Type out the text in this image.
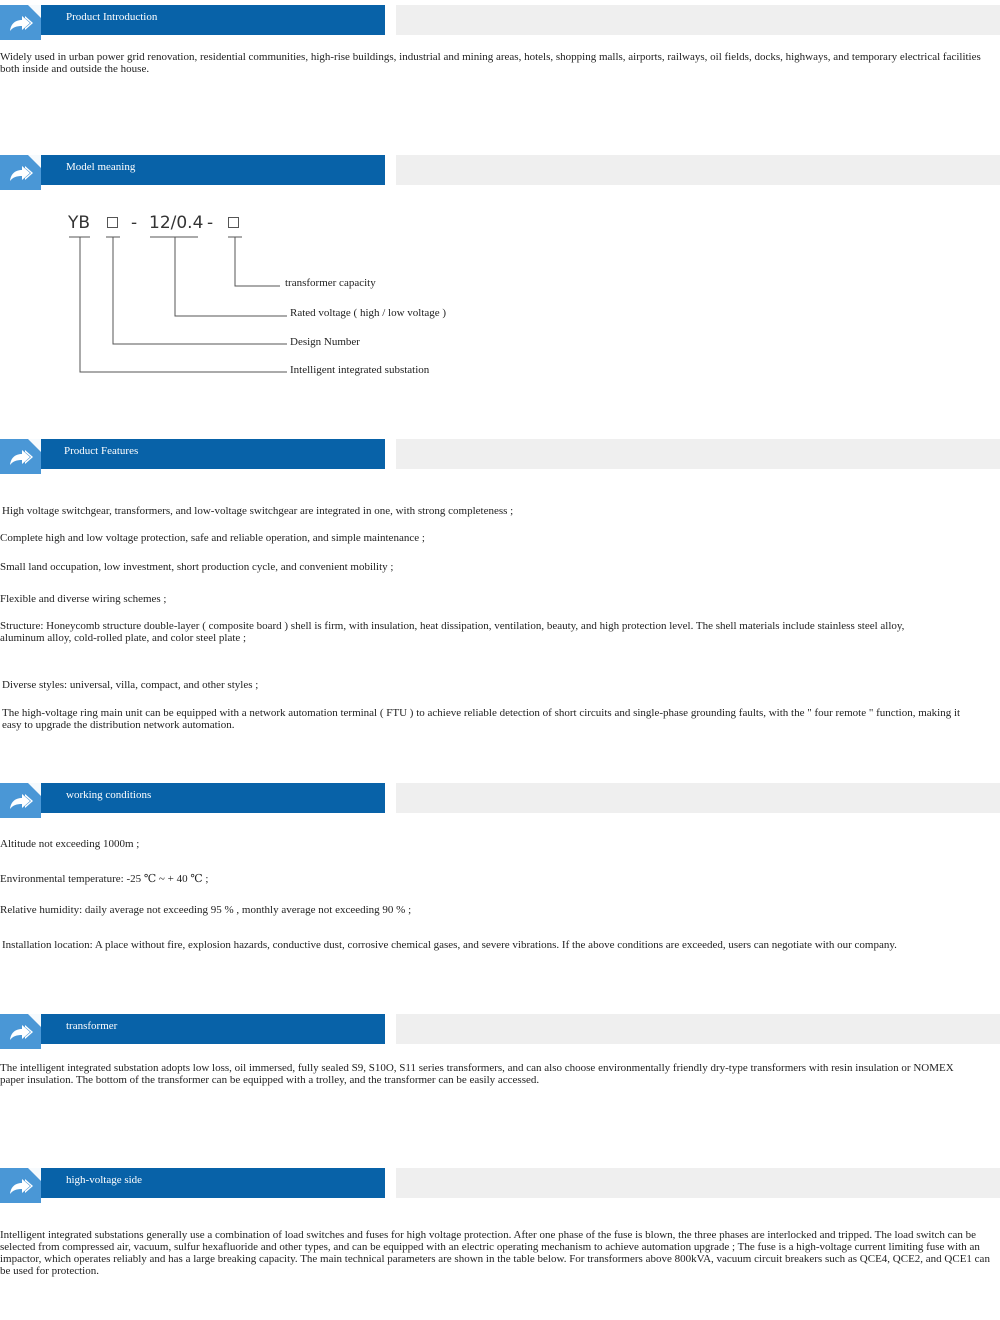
Product Introduction
Widely used in urban power grid renovation, residential communities, high-rise buildings, industrial and mining areas, hotels, shopping malls, airports, railways, oil fields, docks, highways, and temporary electrical facilities both inside and outside the house.
Model meaning
YB - 12/0.4 -
transformer capacity
Rated voltage ( high / low voltage )
Design Number
Intelligent integrated substation
Product Features
High voltage switchgear, transformers, and low-voltage switchgear are integrated in one, with strong completeness ;
Complete high and low voltage protection, safe and reliable operation, and simple maintenance ;
Small land occupation, low investment, short production cycle, and convenient mobility ;
Flexible and diverse wiring schemes ;
Structure: Honeycomb structure double-layer ( composite board ) shell is firm, with insulation, heat dissipation, ventilation, beauty, and high protection level. The shell materials include stainless steel alloy, aluminum alloy, cold-rolled plate, and color steel plate ;
Diverse styles: universal, villa, compact, and other styles ;
The high-voltage ring main unit can be equipped with a network automation terminal ( FTU ) to achieve reliable detection of short circuits and single-phase grounding faults, with the " four remote " function, making it easy to upgrade the distribution network automation.
working conditions
Altitude not exceeding 1000m ;
Environmental temperature: -25 ℃ ~ + 40 ℃ ;
Relative humidity: daily average not exceeding 95 % , monthly average not exceeding 90 % ;
Installation location: A place without fire, explosion hazards, conductive dust, corrosive chemical gases, and severe vibrations. If the above conditions are exceeded, users can negotiate with our company.
transformer
The intelligent integrated substation adopts low loss, oil immersed, fully sealed S9, S10O, S11 series transformers, and can also choose environmentally friendly dry-type transformers with resin insulation or NOMEX paper insulation. The bottom of the transformer can be equipped with a trolley, and the transformer can be easily accessed.
high-voltage side
Intelligent integrated substations generally use a combination of load switches and fuses for high voltage protection. After one phase of the fuse is blown, the three phases are interlocked and tripped. The load switch can be selected from compressed air, vacuum, sulfur hexafluoride and other types, and can be equipped with an electric operating mechanism to achieve automation upgrade ; The fuse is a high-voltage current limiting fuse with an impactor, which operates reliably and has a large breaking capacity. The main technical parameters are shown in the table below. For transformers above 800kVA, vacuum circuit breakers such as QCE4, QCE2, and QCE1 can be used for protection.
